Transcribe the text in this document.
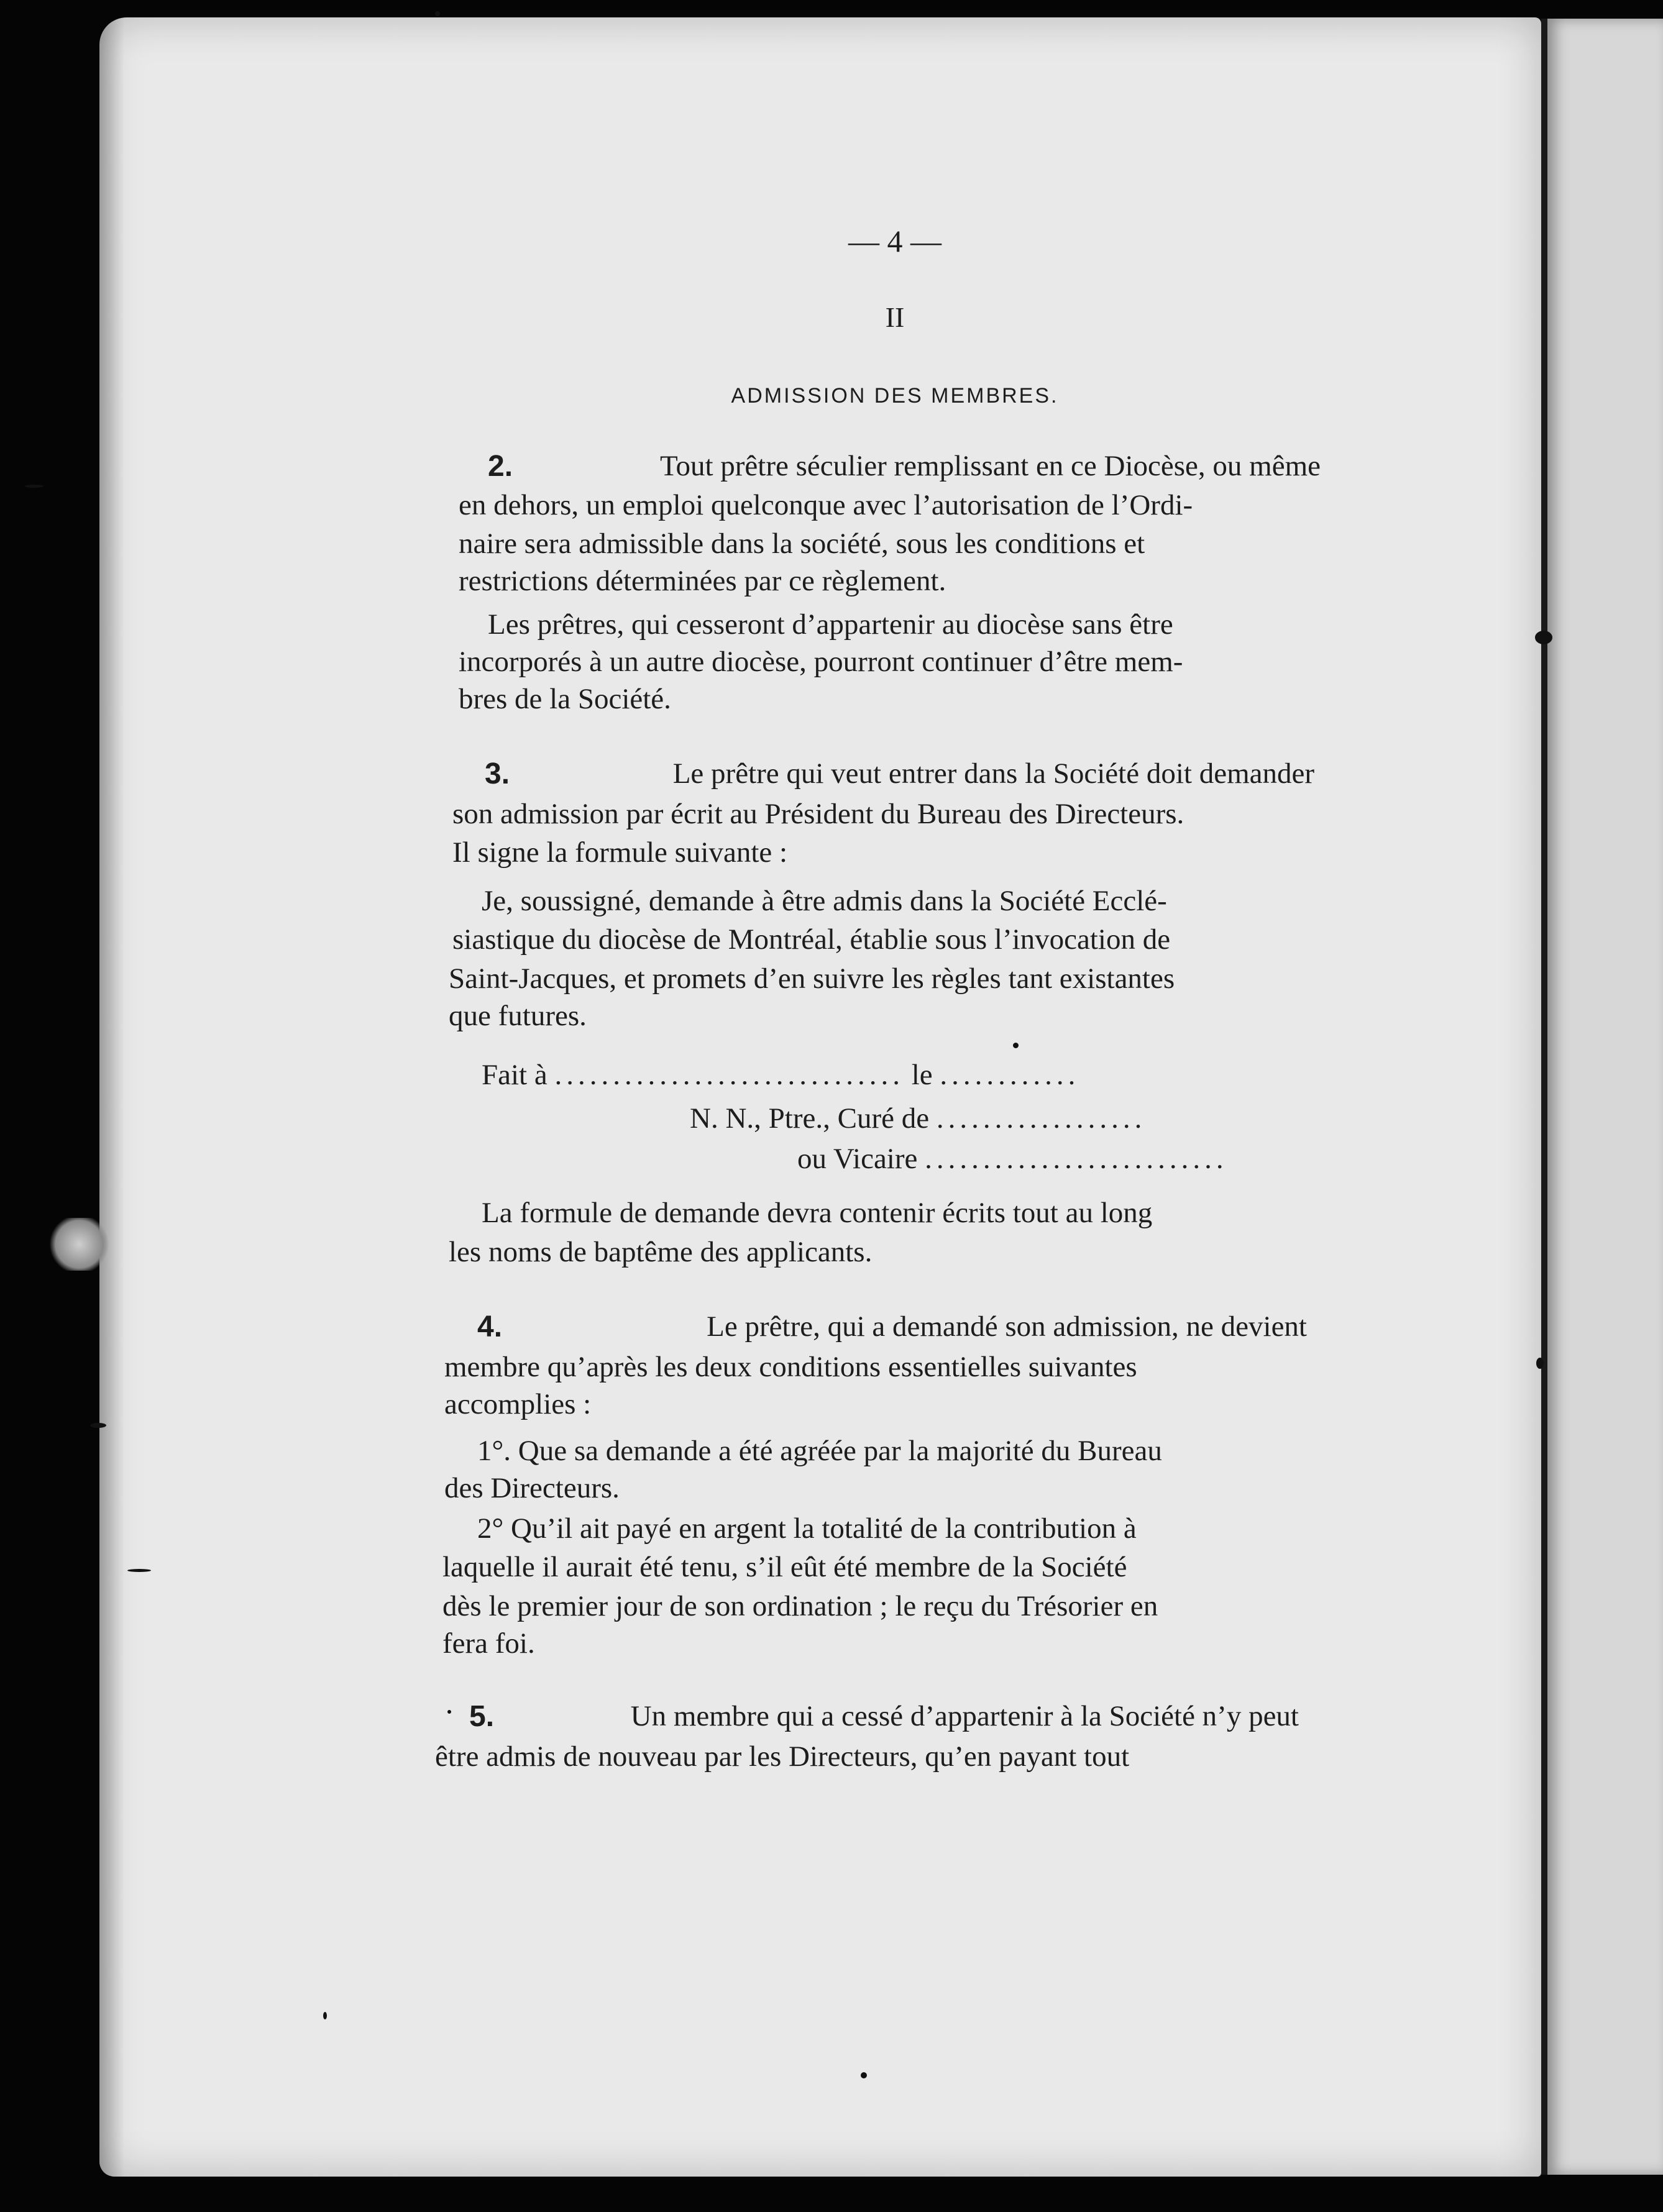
— 4 —
II
ADMISSION DES MEMBRES.
2.	Tout prêtre séculier remplissant en ce Diocèse, ou même
en dehors, un emploi quelconque avec l’autorisation de l’Ordi-
naire sera admissible dans la société, sous les conditions et
restrictions déterminées par ce règlement.
Les prêtres, qui cesseront d’appartenir au diocèse sans être
incorporés à un autre diocèse, pourront continuer d’être mem-
bres de la Société.
3.	Le prêtre qui veut entrer dans la Société doit demander
son admission par écrit au Président du Bureau des Directeurs.
Il signe la formule suivante :
Je, soussigné, demande à être admis dans la Société Ecclé-
siastique du diocèse de Montréal, établie sous l’invocation de
Saint-Jacques, et promets d’en suivre les règles tant existantes
que futures.
Fait à .............................. le ............
N. N., Ptre., Curé de ..................
ou Vicaire ..........................
La formule de demande devra contenir écrits tout au long
les noms de baptême des applicants.
4.	Le prêtre, qui a demandé son admission, ne devient
membre qu’après les deux conditions essentielles suivantes
accomplies :
1°. Que sa demande a été agréée par la majorité du Bureau
des Directeurs.
2° Qu’il ait payé en argent la totalité de la contribution à
laquelle il aurait été tenu, s’il eût été membre de la Société
dès le premier jour de son ordination ; le reçu du Trésorier en
fera foi.
5.	Un membre qui a cessé d’appartenir à la Société n’y peut
être admis de nouveau par les Directeurs, qu’en payant tout
